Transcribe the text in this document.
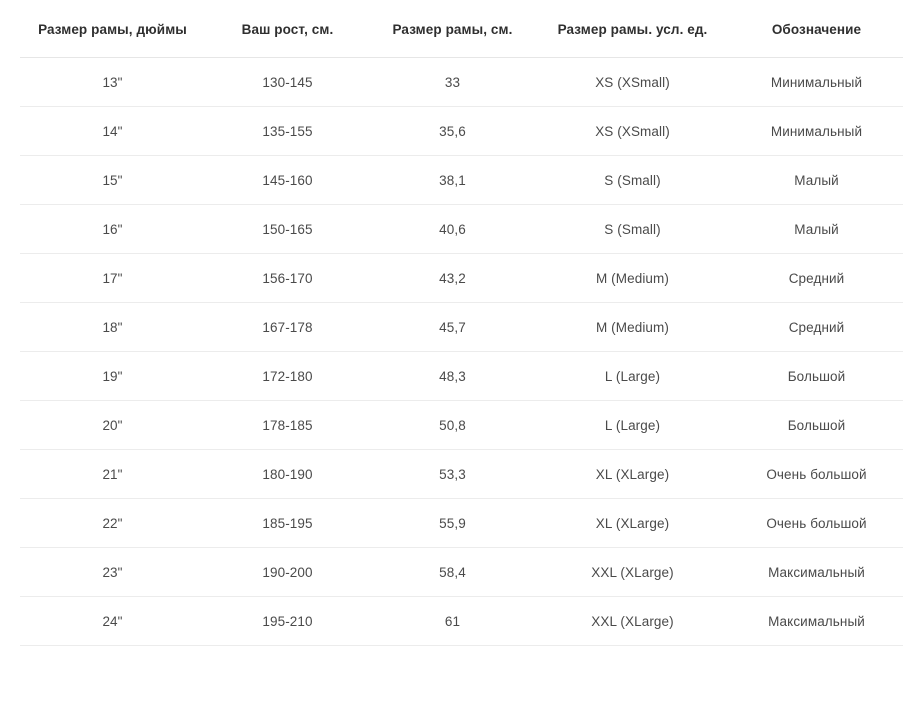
Размер рамы, дюймы	Ваш рост, см.	Размер рамы, см.	Размер рамы. усл. ед.	Обозначение
13"	130-145	33	XS (XSmall)	Минимальный
14"	135-155	35,6	XS (XSmall)	Минимальный
15"	145-160	38,1	S (Small)	Малый
16"	150-165	40,6	S (Small)	Малый
17"	156-170	43,2	M (Medium)	Средний
18"	167-178	45,7	M (Medium)	Средний
19"	172-180	48,3	L (Large)	Большой
20"	178-185	50,8	L (Large)	Большой
21"	180-190	53,3	XL (XLarge)	Очень большой
22"	185-195	55,9	XL (XLarge)	Очень большой
23"	190-200	58,4	XXL (XLarge)	Максимальный
24"	195-210	61	XXL (XLarge)	Максимальный
